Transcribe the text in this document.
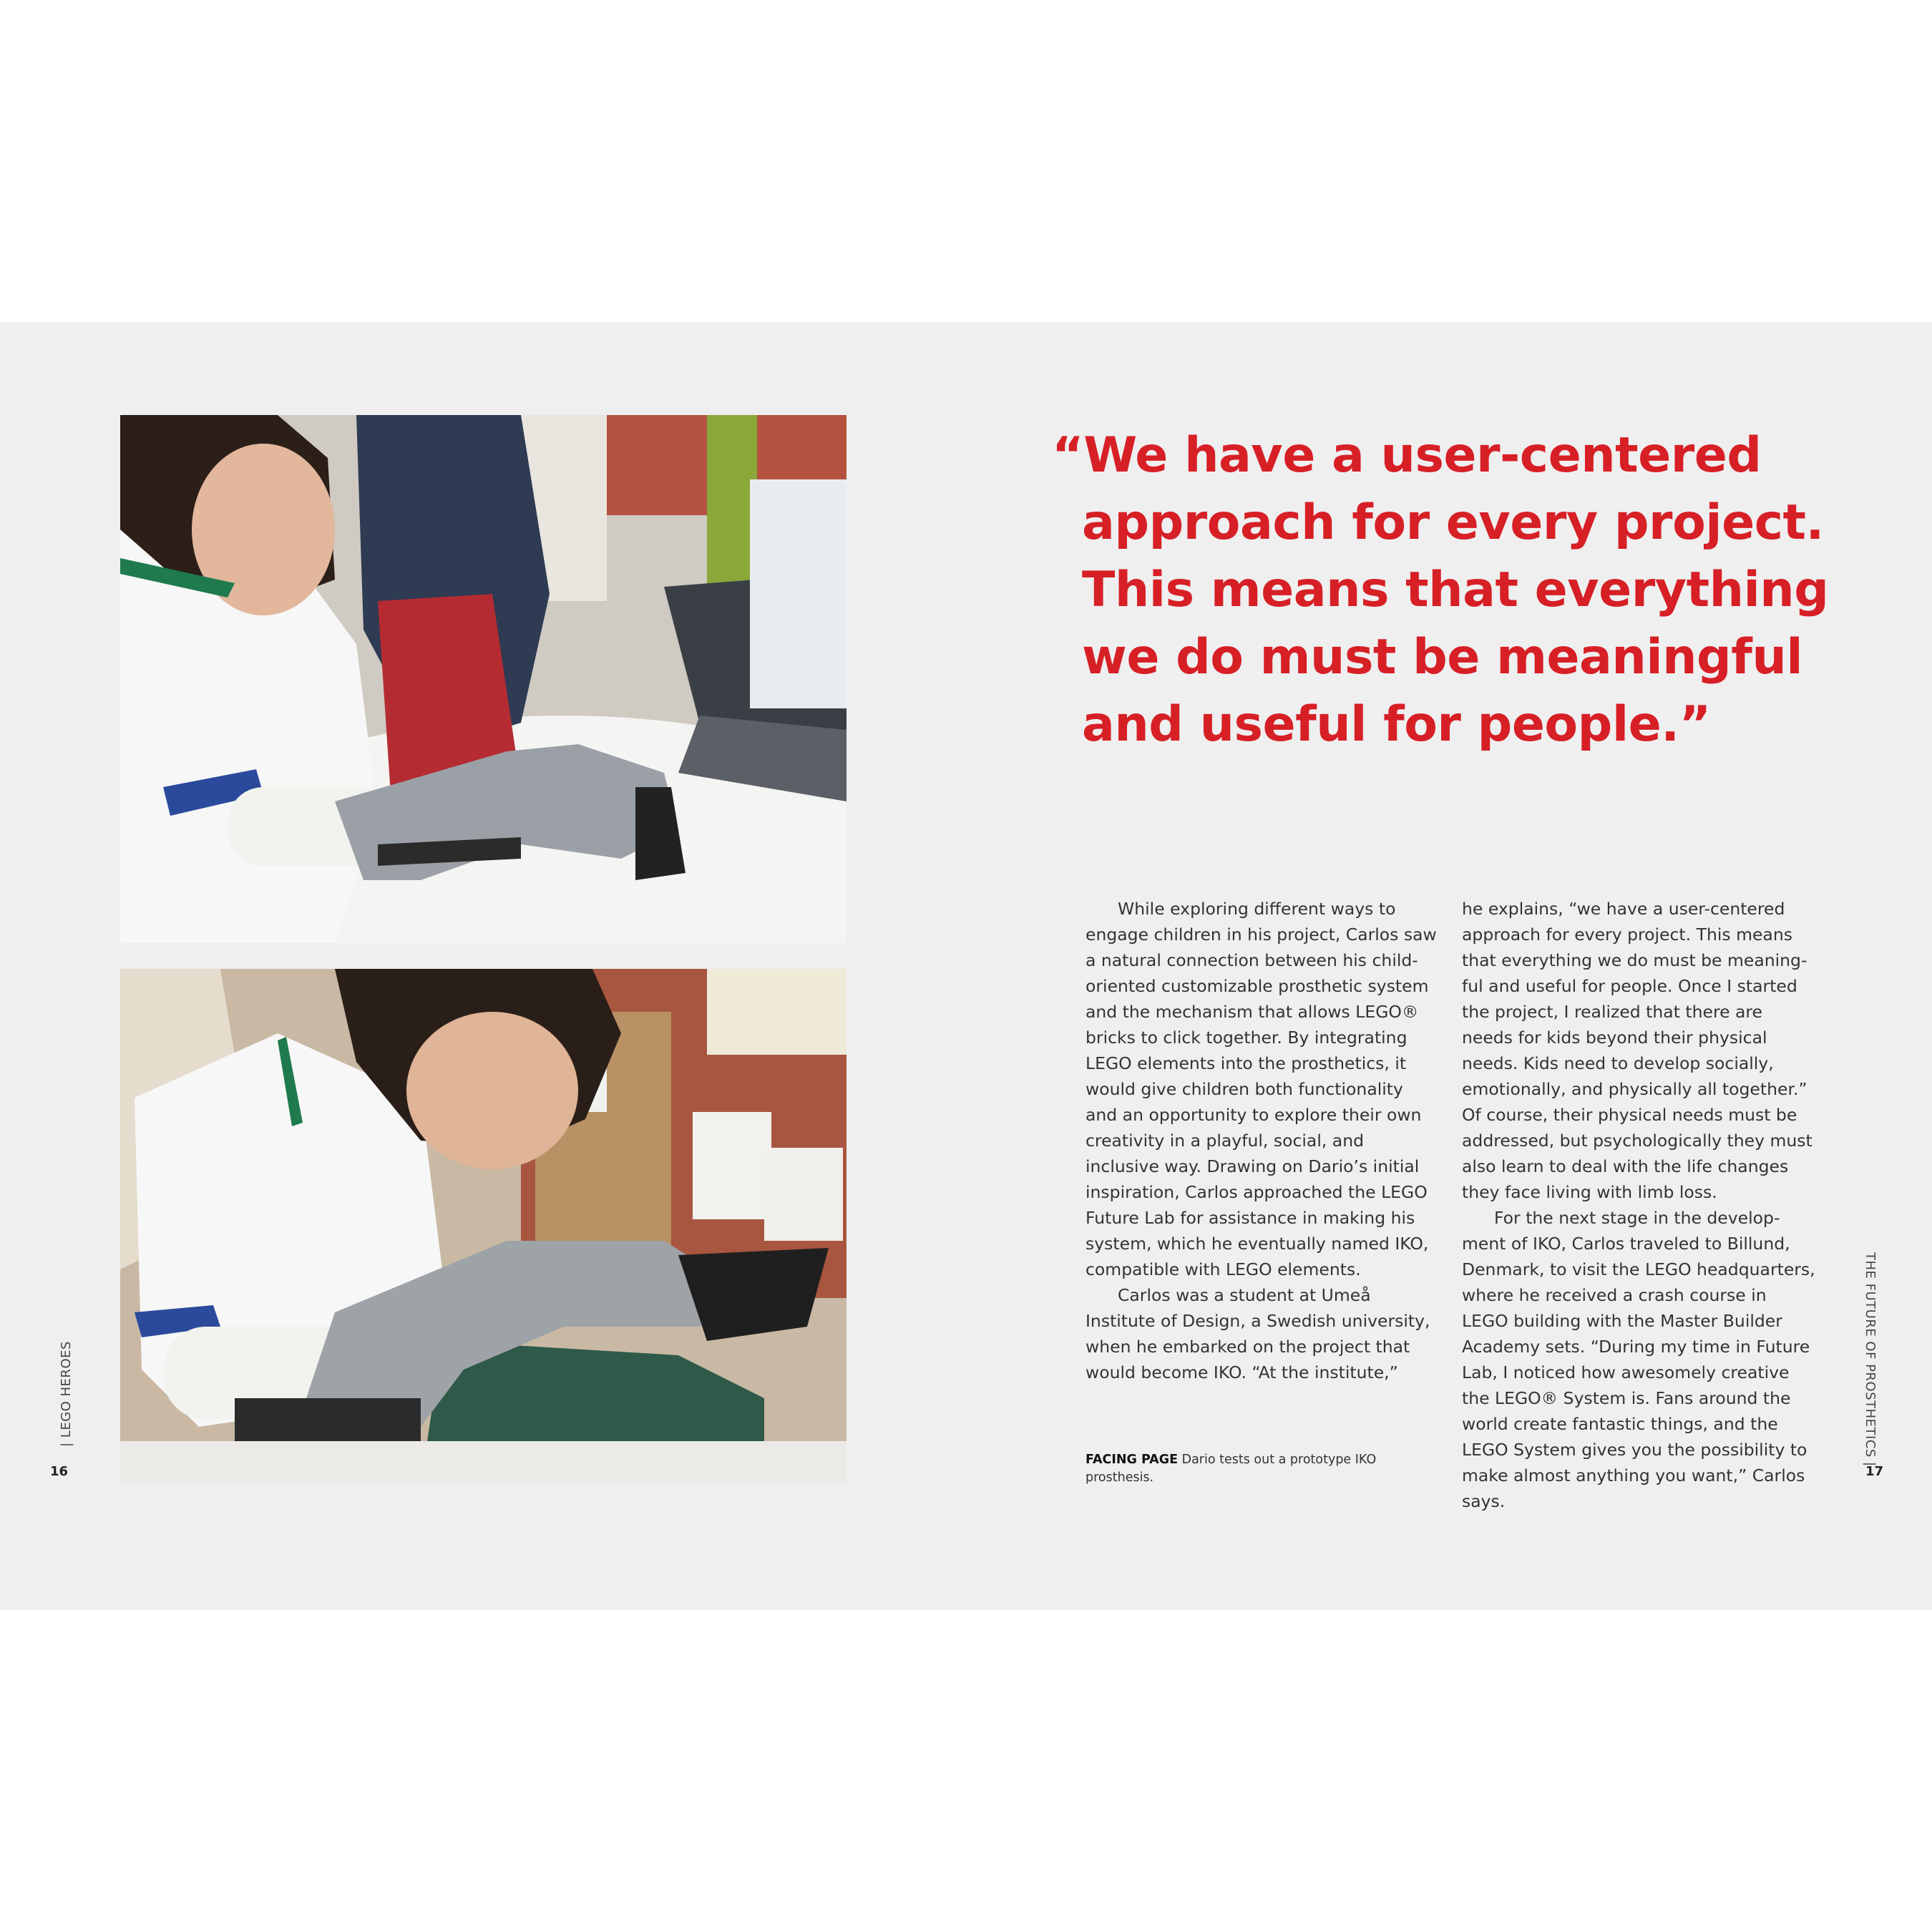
“We have a user-centered approach for every project. This means that everything we do must be meaningful and useful for people.”

While exploring different ways to engage children in his project, Carlos saw a natural connection between his child-oriented customizable prosthetic system and the mechanism that allows LEGO® bricks to click together. By integrating LEGO elements into the prosthetics, it would give children both functionality and an opportunity to explore their own creativity in a playful, social, and inclusive way. Drawing on Dario’s initial inspiration, Carlos approached the LEGO Future Lab for assistance in making his system, which he eventually named IKO, compatible with LEGO elements.

Carlos was a student at Umeå Institute of Design, a Swedish university, when he embarked on the project that would become IKO. “At the institute,”

he explains, “we have a user-centered approach for every project. This means that everything we do must be meaning-ful and useful for people. Once I started the project, I realized that there are needs for kids beyond their physical needs. Kids need to develop socially, emotionally, and physically all together.” Of course, their physical needs must be addressed, but psychologically they must also learn to deal with the life changes they face living with limb loss.

For the next stage in the develop-ment of IKO, Carlos traveled to Billund, Denmark, to visit the LEGO headquarters, where he received a crash course in LEGO building with the Master Builder Academy sets. “During my time in Future Lab, I noticed how awesomely creative the LEGO® System is. Fans around the world create fantastic things, and the LEGO System gives you the possibility to make almost anything you want,” Carlos says.

FACING PAGE Dario tests out a prototype IKO prosthesis.
| LEGO HEROES	THE FUTURE OF PROSTHETICS |
16	17
